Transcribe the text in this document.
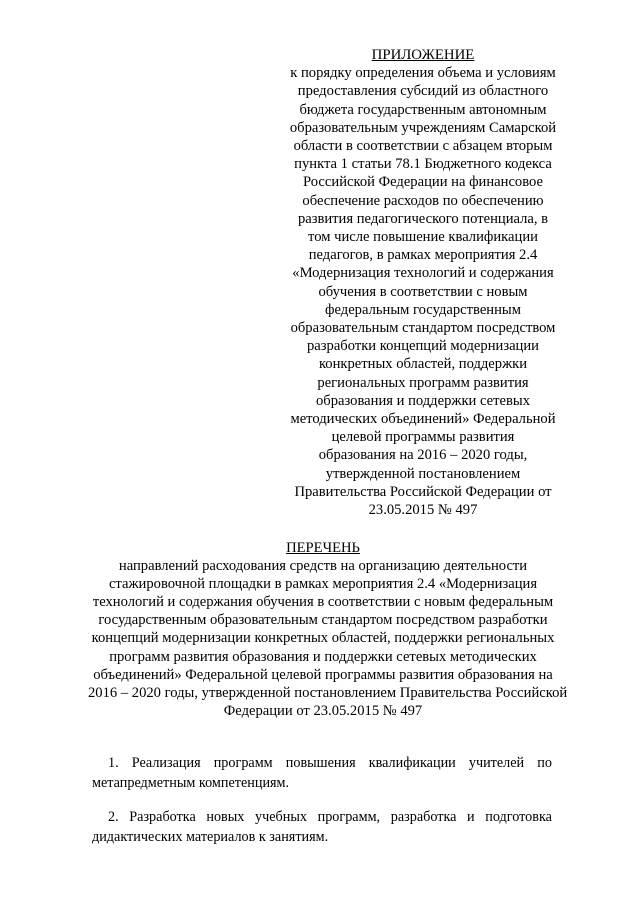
ПРИЛОЖЕНИЕ
к порядку определения объема и условиям
предоставления субсидий из областного
бюджета государственным автономным
образовательным учреждениям Самарской
области в соответствии с абзацем вторым
пункта 1 статьи 78.1 Бюджетного кодекса
Российской Федерации на финансовое
обеспечение расходов по обеспечению
развития педагогического потенциала, в
том числе повышение квалификации
педагогов, в рамках мероприятия 2.4
«Модернизация технологий и содержания
обучения в соответствии с новым
федеральным государственным
образовательным стандартом посредством
разработки концепций модернизации
конкретных областей, поддержки
региональных программ развития
образования и поддержки сетевых
методических объединений» Федеральной
целевой программы развития
образования на 2016 – 2020 годы,
утвержденной постановлением
Правительства Российской Федерации от
23.05.2015 № 497
ПЕРЕЧЕНЬ
направлений расходования средств на организацию деятельности
стажировочной площадки в рамках мероприятия 2.4 «Модернизация
технологий и содержания обучения в соответствии с новым федеральным
государственным образовательным стандартом посредством разработки
концепций модернизации конкретных областей, поддержки региональных
программ развития образования и поддержки сетевых методических
объединений» Федеральной целевой программы развития образования на
2016 – 2020 годы, утвержденной постановлением Правительства Российской
Федерации от 23.05.2015 № 497
1. Реализация программ повышения квалификации учителей по
метапредметным компетенциям.
2. Разработка новых учебных программ, разработка и подготовка
дидактических материалов к занятиям.
